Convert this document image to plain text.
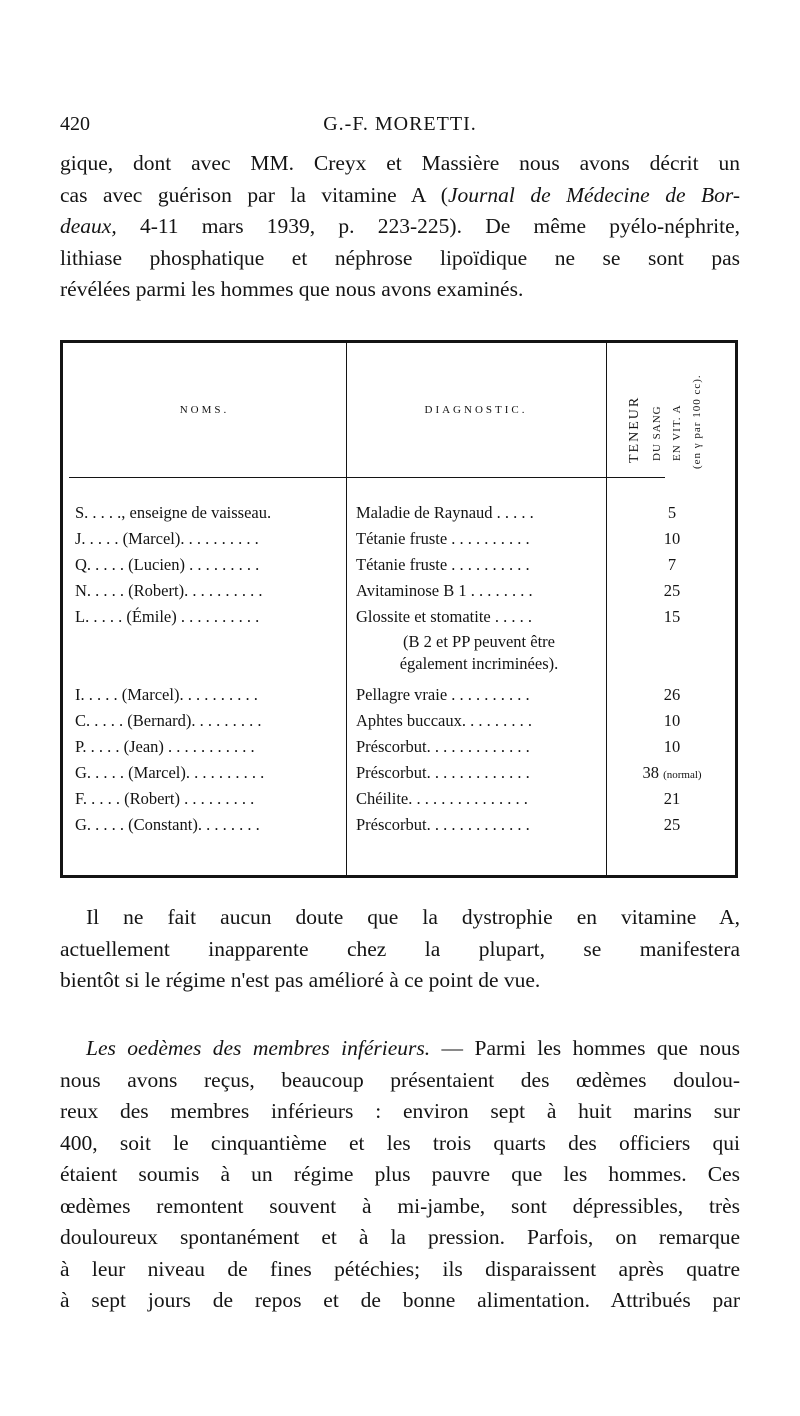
420	G.-F. MORETTI.
gique, dont avec MM. Creyx et Massière nous avons décrit un
cas avec guérison par la vitamine A (Journal de Médecine de Bor-
deaux, 4-11 mars 1939, p. 223-225). De même pyélo-néphrite,
lithiase phosphatique et néphrose lipoïdique ne se sont pas
révélées parmi les hommes que nous avons examinés.
NOMS.	DIAGNOSTIC.	TENEUR DU SANG EN VIT. A (en γ par 100 cc).
S. . . . ., enseigne de vaisseau.	Maladie de Raynaud . . . . .	5
J. . . . . (Marcel). . . . . . . . . .	Tétanie fruste . . . . . . . . . .	10
Q. . . . . (Lucien) . . . . . . . . .	Tétanie fruste . . . . . . . . . .	7
N. . . . . (Robert). . . . . . . . . .	Avitaminose B 1 . . . . . . . .	25
L. . . . . (Émile) . . . . . . . . . .	Glossite et stomatite . . . . .	15
(B 2 et PP peuvent être
également incriminées).
I. . . . . (Marcel). . . . . . . . . .	Pellagre vraie . . . . . . . . . .	26
C. . . . . (Bernard). . . . . . . . .	Aphtes buccaux. . . . . . . . .	10
P. . . . . (Jean) . . . . . . . . . . .	Préscorbut. . . . . . . . . . . . .	10
G. . . . . (Marcel). . . . . . . . . .	Préscorbut. . . . . . . . . . . . .	38 (normal)
F. . . . . (Robert) . . . . . . . . .	Chéilite. . . . . . . . . . . . . . .	21
G. . . . . (Constant). . . . . . . .	Préscorbut. . . . . . . . . . . . .	25
Il ne fait aucun doute que la dystrophie en vitamine A,
actuellement inapparente chez la plupart, se manifestera
bientôt si le régime n'est pas amélioré à ce point de vue.
Les oedèmes des membres inférieurs. — Parmi les hommes que nous
nous avons reçus, beaucoup présentaient des œdèmes doulou-
reux des membres inférieurs : environ sept à huit marins sur
400, soit le cinquantième et les trois quarts des officiers qui
étaient soumis à un régime plus pauvre que les hommes. Ces
œdèmes remontent souvent à mi-jambe, sont dépressibles, très
douloureux spontanément et à la pression. Parfois, on remarque
à leur niveau de fines pétéchies; ils disparaissent après quatre
à sept jours de repos et de bonne alimentation. Attribués par
